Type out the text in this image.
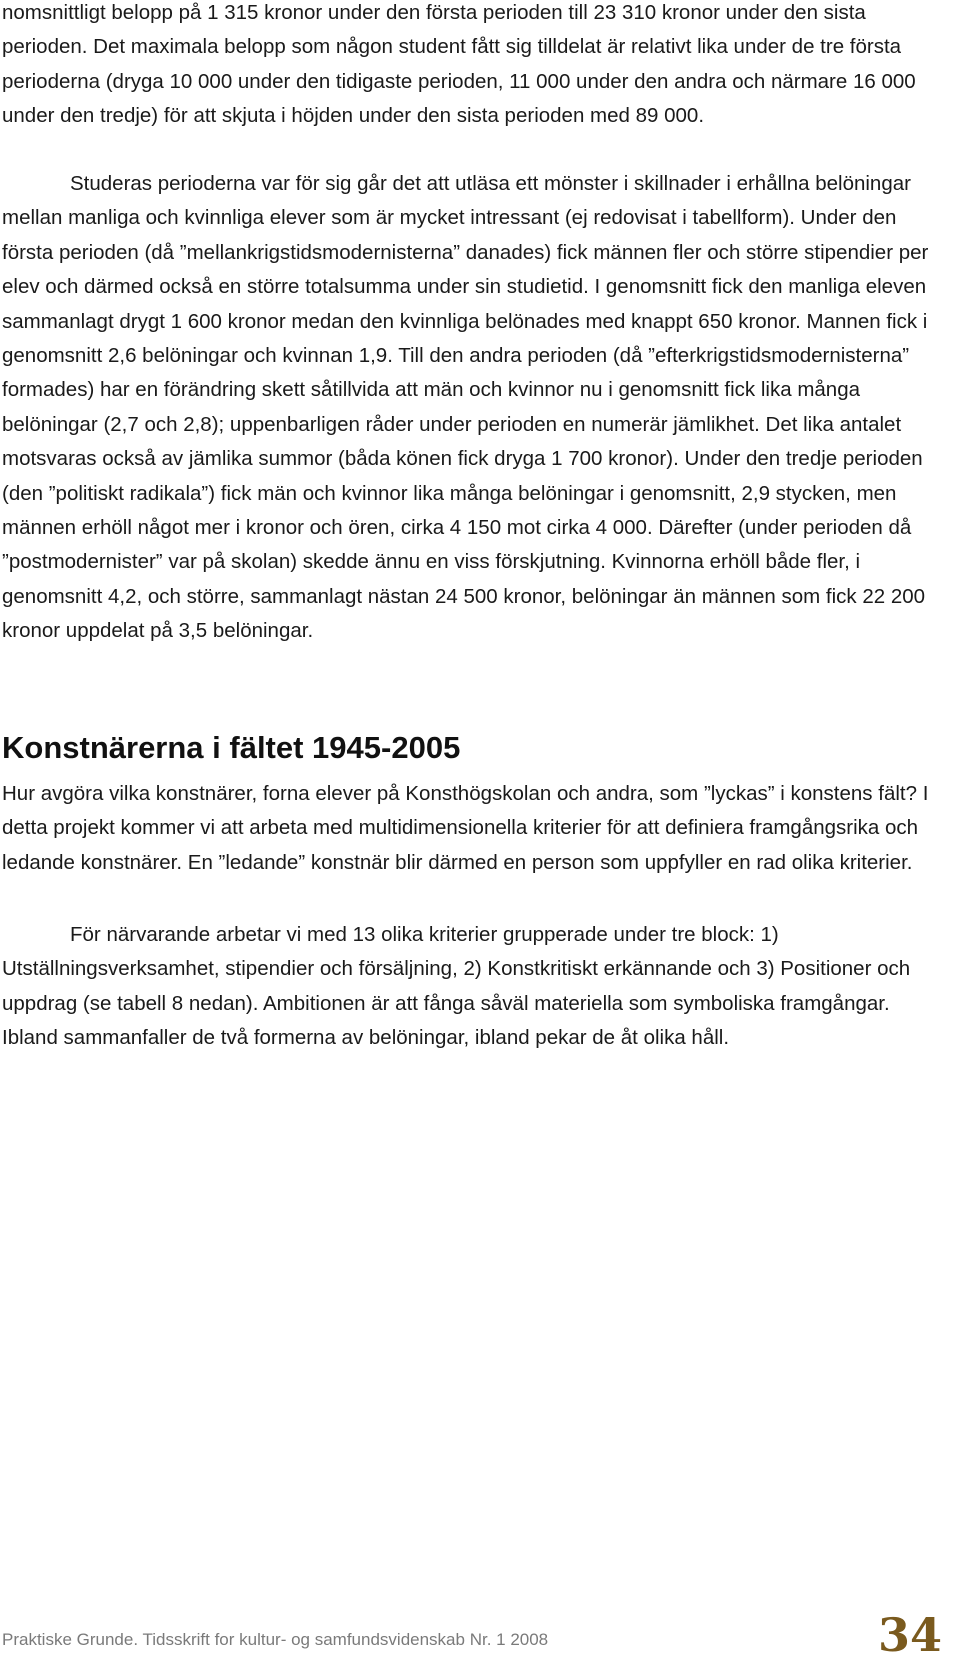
nomsnittligt belopp på 1 315 kronor under den första perioden till 23 310 kronor under den sista perioden. Det maximala belopp som någon student fått sig tilldelat är relativt lika under de tre första perioderna (dryga 10 000 under den tidigaste perioden, 11 000 under den andra och närmare 16 000 under den tredje) för att skjuta i höjden under den sista perioden med 89 000.

Studeras perioderna var för sig går det att utläsa ett mönster i skillnader i erhållna belöningar mellan manliga och kvinnliga elever som är mycket intressant (ej redovisat i tabellform). Under den första perioden (då ”mellankrigstidsmodernisterna” danades) fick männen fler och större stipendier per elev och därmed också en större totalsumma under sin studietid. I genomsnitt fick den manliga eleven sammanlagt drygt 1 600 kronor medan den kvinnliga belönades med knappt 650 kronor. Mannen fick i genomsnitt 2,6 belöningar och kvinnan 1,9. Till den andra perioden (då ”efterkrigstidsmodernisterna” formades) har en förändring skett såtillvida att män och kvinnor nu i genomsnitt fick lika många belöningar (2,7 och 2,8); uppenbarligen råder under perioden en numerär jämlikhet. Det lika antalet motsvaras också av jämlika summor (båda könen fick dryga 1 700 kronor). Under den tredje perioden (den ”politiskt radikala”) fick män och kvinnor lika många belöningar i genomsnitt, 2,9 stycken, men männen erhöll något mer i kronor och ören, cirka 4 150 mot cirka 4 000. Därefter (under perioden då ”postmodernister” var på skolan) skedde ännu en viss förskjutning. Kvinnorna erhöll både fler, i genomsnitt 4,2, och större, sammanlagt nästan 24 500 kronor, belöningar än männen som fick 22 200 kronor uppdelat på 3,5 belöningar.

Konstnärerna i fältet 1945-2005

Hur avgöra vilka konstnärer, forna elever på Konsthögskolan och andra, som ”lyckas” i konstens fält? I detta projekt kommer vi att arbeta med multidimensionella kriterier för att definiera framgångsrika och ledande konstnärer. En ”ledande” konstnär blir därmed en person som uppfyller en rad olika kriterier.

För närvarande arbetar vi med 13 olika kriterier grupperade under tre block: 1) Utställningsverksamhet, stipendier och försäljning, 2) Konstkritiskt erkännande och 3) Positioner och uppdrag (se tabell 8 nedan). Ambitionen är att fånga såväl materiella som symboliska framgångar. Ibland sammanfaller de två formerna av belöningar, ibland pekar de åt olika håll.

Praktiske Grunde. Tidsskrift for kultur- og samfundsvidenskab Nr. 1 2008	34
